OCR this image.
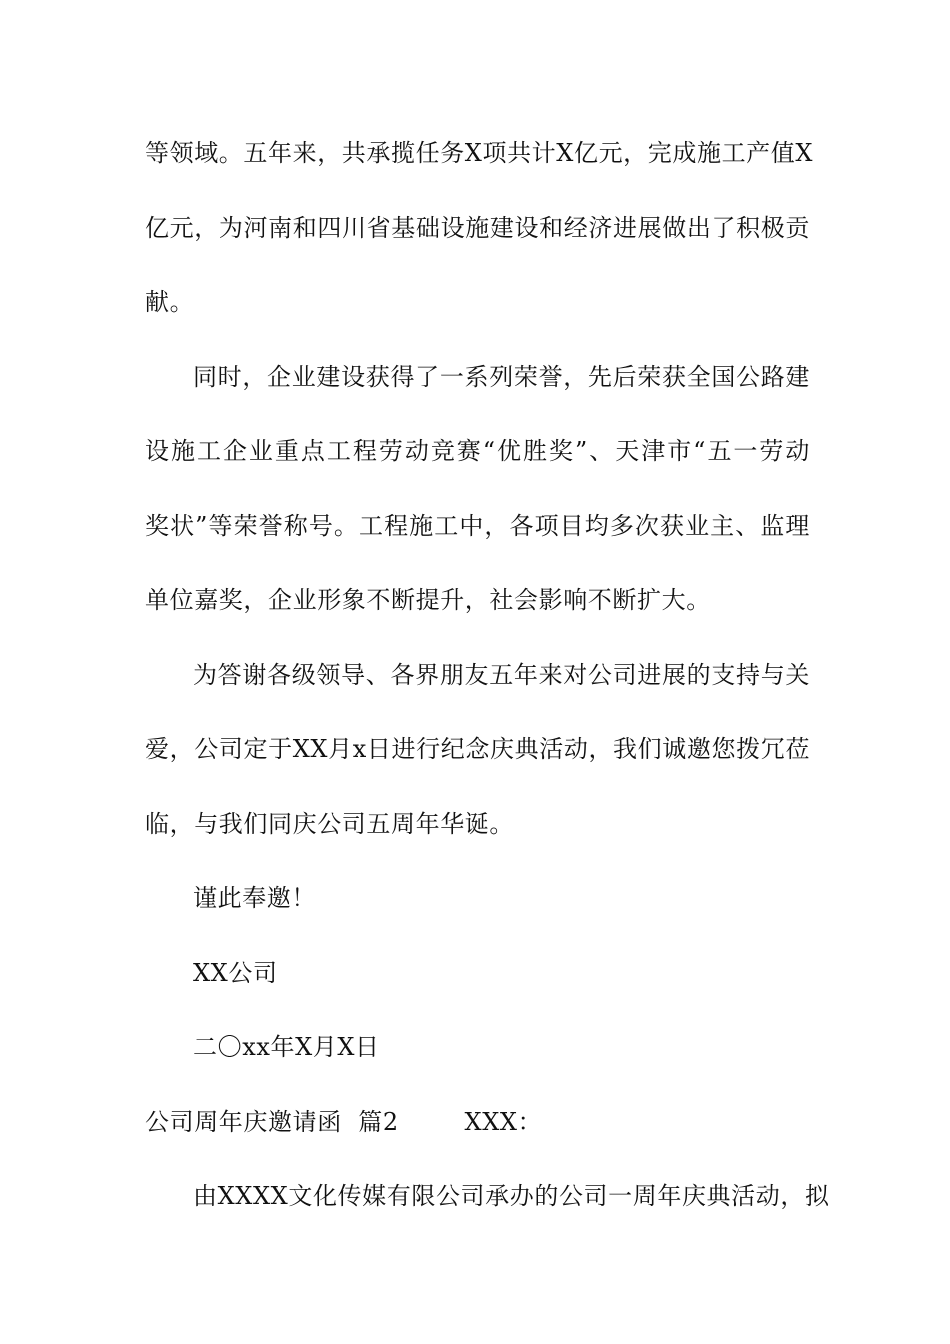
等领域。五年来，共承揽任务X项共计X亿元，完成施工产值X
亿元，为河南和四川省基础设施建设和经济进展做出了积极贡
献。
同时，企业建设获得了一系列荣誉，先后荣获全国公路建
设施工企业重点工程劳动竞赛“优胜奖”、天津市“五一劳动
奖状”等荣誉称号。工程施工中，各项目均多次获业主、监理
单位嘉奖，企业形象不断提升，社会影响不断扩大。
为答谢各级领导、各界朋友五年来对公司进展的支持与关
爱，公司定于XX月x日进行纪念庆典活动，我们诚邀您拨冗莅
临，与我们同庆公司五周年华诞。
谨此奉邀！
XX公司
二〇xx年X月X日
公司周年庆邀请函  篇2        XXX：
由XXXX文化传媒有限公司承办的公司一周年庆典活动，拟
